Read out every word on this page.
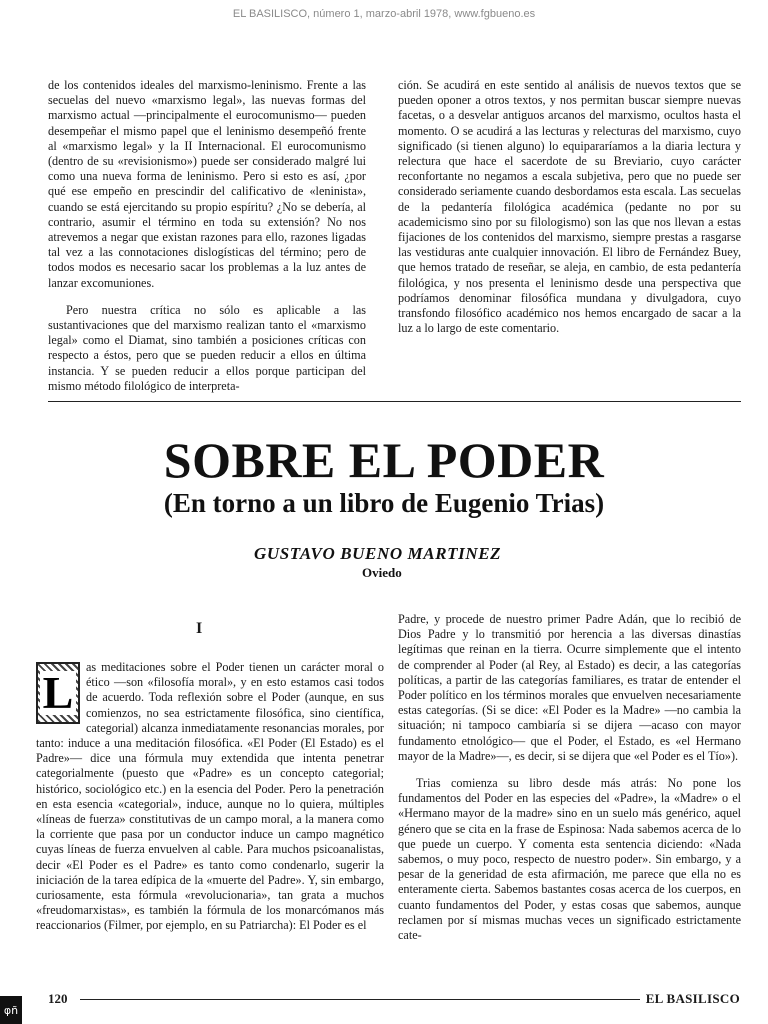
EL BASILISCO, número 1, marzo-abril 1978, www.fgbueno.es

de los contenidos ideales del marxismo-leninismo. Frente a las secuelas del nuevo «marxismo legal», las nuevas formas del marxismo actual —principalmente el eurocomunismo— pueden desempeñar el mismo papel que el leninismo desempeñó frente al «marxismo legal» y la II Internacional. El eurocomunismo (dentro de su «revisionismo») puede ser considerado malgré lui como una nueva forma de leninismo. Pero si esto es así, ¿por qué ese empeño en prescindir del calificativo de «leninista», cuando se está ejercitando su propio espíritu? ¿No se debería, al contrario, asumir el término en toda su extensión? No nos atrevemos a negar que existan razones para ello, razones ligadas tal vez a las connotaciones dislogísticas del término; pero de todos modos es necesario sacar los problemas a la luz antes de lanzar excomuniones.

Pero nuestra crítica no sólo es aplicable a las sustantivaciones que del marxismo realizan tanto el «marxismo legal» como el Diamat, sino también a posiciones críticas con respecto a éstos, pero que se pueden reducir a ellos en última instancia. Y se pueden reducir a ellos porque participan del mismo método filológico de interpreta-

ción. Se acudirá en este sentido al análisis de nuevos textos que se pueden oponer a otros textos, y nos permitan buscar siempre nuevas facetas, o a desvelar antiguos arcanos del marxismo, ocultos hasta el momento. O se acudirá a las lecturas y relecturas del marxismo, cuyo significado (si tienen alguno) lo equipararíamos a la diaria lectura y relectura que hace el sacerdote de su Breviario, cuyo carácter reconfortante no negamos a escala subjetiva, pero que no puede ser considerado seriamente cuando desbordamos esta escala. Las secuelas de la pedantería filológica académica (pedante no por su academicismo sino por su filologismo) son las que nos llevan a estas fijaciones de los contenidos del marxismo, siempre prestas a rasgarse las vestiduras ante cualquier innovación. El libro de Fernández Buey, que hemos tratado de reseñar, se aleja, en cambio, de esta pedantería filológica, y nos presenta el leninismo desde una perspectiva que podríamos denominar filosófica mundana y divulgadora, cuyo transfondo filosófico académico nos hemos encargado de sacar a la luz a lo largo de este comentario.

SOBRE EL PODER
(En torno a un libro de Eugenio Trias)
GUSTAVO BUENO MARTINEZ
Oviedo
I
L	as meditaciones sobre el Poder tienen un carácter moral o ético —son «filosofía moral», y en esto estamos casi todos de acuerdo. Toda reflexión sobre el Poder (aunque, en sus comienzos, no sea estrictamente filosófica, sino científica, categorial) alcanza inmediatamente resonancias morales, por tanto: induce a una meditación filosófica. «El Poder (El Estado) es el Padre»— dice una fórmula muy extendida que intenta penetrar categorialmente (puesto que «Padre» es un concepto categorial; histórico, sociológico etc.) en la esencia del Poder. Pero la penetración en esta esencia «categorial», induce, aunque no lo quiera, múltiples «líneas de fuerza» constitutivas de un campo moral, a la manera como la corriente que pasa por un conductor induce un campo magnético cuyas líneas de fuerza envuelven al cable. Para muchos psicoanalistas, decir «El Poder es el Padre» es tanto como condenarlo, sugerir la iniciación de la tarea edípica de la «muerte del Padre». Y, sin embargo, curiosamente, esta fórmula «revolucionaria», tan grata a muchos «freudomarxistas», es también la fórmula de los monarcómanos más reaccionarios (Filmer, por ejemplo, en su Patriarcha): El Poder es el

Padre, y procede de nuestro primer Padre Adán, que lo recibió de Dios Padre y lo transmitió por herencia a las diversas dinastías legítimas que reinan en la tierra. Ocurre simplemente que el intento de comprender al Poder (al Rey, al Estado) es decir, a las categorías políticas, a partir de las categorías familiares, es tratar de entender el Poder político en los términos morales que envuelven necesariamente estas categorías. (Si se dice: «El Poder es la Madre» —no cambia la situación; ni tampoco cambiaría si se dijera —acaso con mayor fundamento etnológico— que el Poder, el Estado, es «el Hermano mayor de la Madre»—, es decir, si se dijera que «el Poder es el Tío»).

Trias comienza su libro desde más atrás: No pone los fundamentos del Poder en las especies del «Padre», la «Madre» o el «Hermano mayor de la madre» sino en un suelo más genérico, aquel género que se cita en la frase de Espinosa: Nada sabemos acerca de lo que puede un cuerpo. Y comenta esta sentencia diciendo: «Nada sabemos, o muy poco, respecto de nuestro poder». Sin embargo, y a pesar de la generidad de esta afirmación, me parece que ella no es enteramente cierta. Sabemos bastantes cosas acerca de los cuerpos, en cuanto fundamentos del Poder, y estas cosas que sabemos, aunque reclamen por sí mismas muchas veces un significado estrictamente cate-

120	EL BASILISCO
φñ
